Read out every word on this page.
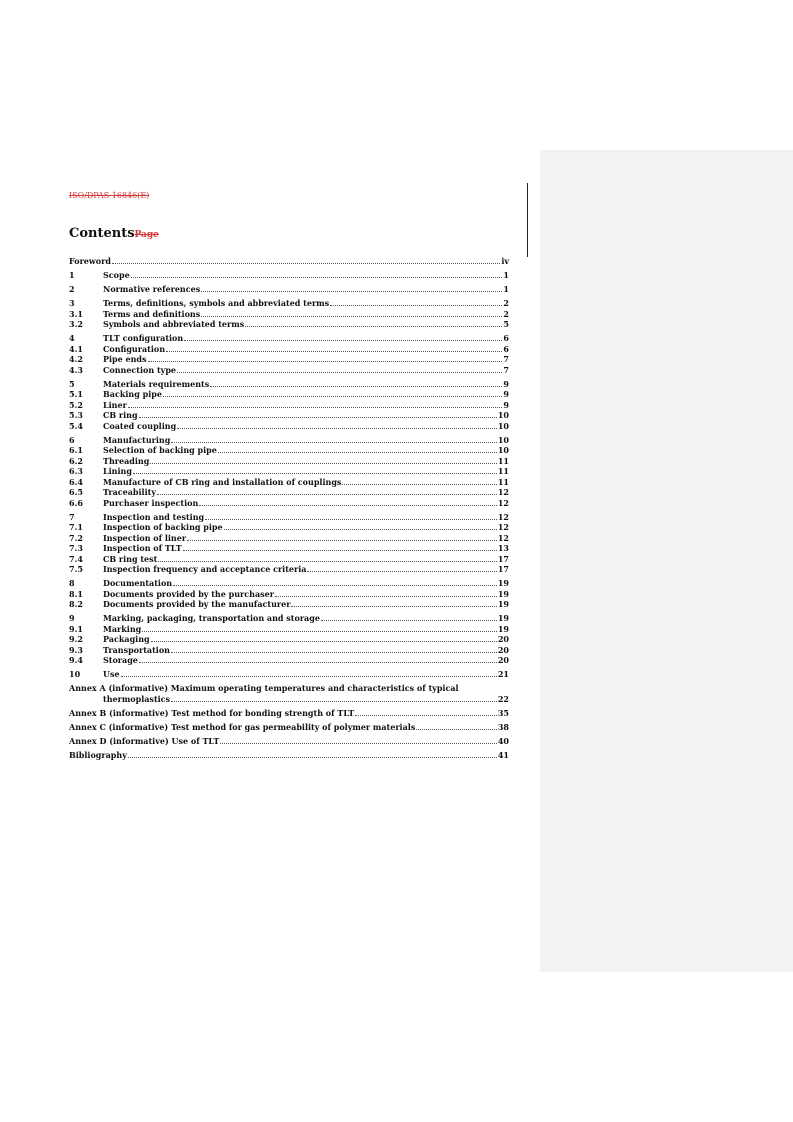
ISO/DPAS 16846(E)
ContentsPage
Foreword	iv
1	Scope	1
2	Normative references	1
3	Terms, definitions, symbols and abbreviated terms	2
3.1	Terms and definitions	2
3.2	Symbols and abbreviated terms	5
4	TLT configuration	6
4.1	Configuration	6
4.2	Pipe ends	7
4.3	Connection type	7
5	Materials requirements	9
5.1	Backing pipe	9
5.2	Liner	9
5.3	CB ring	10
5.4	Coated coupling	10
6	Manufacturing	10
6.1	Selection of backing pipe	10
6.2	Threading	11
6.3	Lining	11
6.4	Manufacture of CB ring and installation of couplings	11
6.5	Traceability	12
6.6	Purchaser inspection	12
7	Inspection and testing	12
7.1	Inspection of backing pipe	12
7.2	Inspection of liner	12
7.3	Inspection of TLT	13
7.4	CB ring test	17
7.5	Inspection frequency and acceptance criteria	17
8	Documentation	19
8.1	Documents provided by the purchaser	19
8.2	Documents provided by the manufacturer	19
9	Marking, packaging, transportation and storage	19
9.1	Marking	19
9.2	Packaging	20
9.3	Transportation	20
9.4	Storage	20
10	Use	21
Annex A (informative) Maximum operating temperatures and characteristics of typical
thermoplastics	22
Annex B (informative) Test method for bonding strength of TLT	35
Annex C (informative) Test method for gas permeability of polymer materials	38
Annex D (informative) Use of TLT	40
Bibliography	41
